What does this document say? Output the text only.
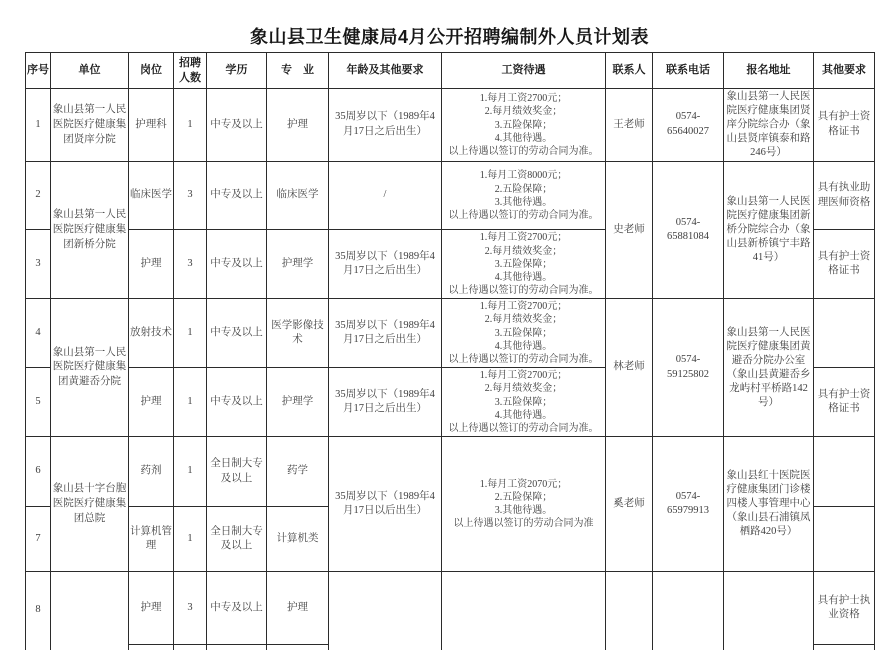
象山县卫生健康局4月公开招聘编制外人员计划表
序号	单位	岗位	招聘
人数	学历	专　业	年龄及其他要求	工资待遇	联系人	联系电话	报名地址	其他要求
1	象山县第一人民医院医疗健康集团贤庠分院	护理科	1	中专及以上	护理	35周岁以下（1989年4月17日之后出生）	1.每月工资2700元；
2.每月绩效奖金；
3.五险保障；
4.其他待遇。
以上待遇以签订的劳动合同为准。	王老师	0574-
65640027	象山县第一人民医院医疗健康集团贤庠分院综合办（象山县贤庠镇泰和路246号）	具有护士资格证书
2	象山县第一人民医院医疗健康集团新桥分院	临床医学	3	中专及以上	临床医学	/	1.每月工资8000元；
2.五险保障；
3.其他待遇。
以上待遇以签订的劳动合同为准。	史老师	0574-
65881084	象山县第一人民医院医疗健康集团新桥分院综合办（象山县新桥镇宁丰路41号）	具有执业助理医师资格
3		护理	3	中专及以上	护理学	35周岁以下（1989年4月17日之后出生）	1.每月工资2700元；
2.每月绩效奖金；
3.五险保障；
4.其他待遇。
以上待遇以签订的劳动合同为准。				具有护士资格证书
4	象山县第一人民医院医疗健康集团黄避岙分院	放射技术	1	中专及以上	医学影像技术	35周岁以下（1989年4月17日之后出生）	1.每月工资2700元；
2.每月绩效奖金；
3.五险保障；
4.其他待遇。
以上待遇以签订的劳动合同为准。	林老师	0574-
59125802	象山县第一人民医院医疗健康集团黄避岙分院办公室（象山县黄避岙乡龙屿村平桥路142号）	
5		护理	1	中专及以上	护理学	35周岁以下（1989年4月17日之后出生）	1.每月工资2700元；
2.每月绩效奖金；
3.五险保障；
4.其他待遇。
以上待遇以签订的劳动合同为准。				具有护士资格证书
6	象山县十字台胞医院医疗健康集团总院	药剂	1	全日制大专及以上	药学	35周岁以下（1989年4月17日以后出生）	1.每月工资2070元；
2.五险保障；
3.其他待遇。
以上待遇以签订的劳动合同为准	奚老师	0574-
65979913	象山县红十医院医疗健康集团门诊楼四楼人事管理中心（象山县石浦镇凤栖路420号）	
7		计算机管理	1	全日制大专及以上	计算机类						
8		护理	3	中专及以上	护理						具有护士执业资格
